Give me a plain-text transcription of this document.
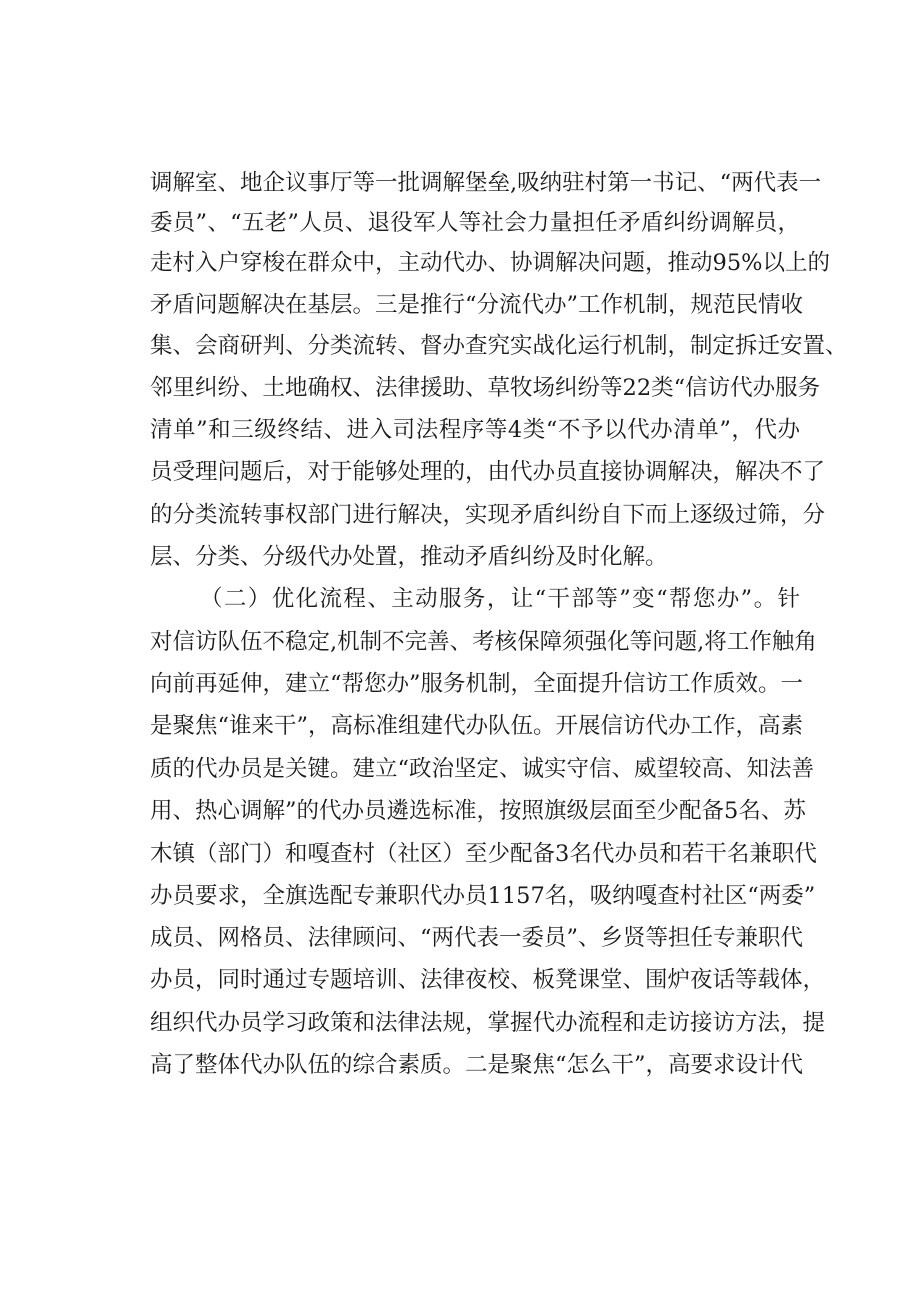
调解室、地企议事厅等一批调解堡垒,吸纳驻村第一书记、“两代表一
委员”、“五老”人员、退役军人等社会力量担任矛盾纠纷调解员，
走村入户穿梭在群众中，主动代办、协调解决问题，推动95%以上的
矛盾问题解决在基层。三是推行“分流代办”工作机制，规范民情收
集、会商研判、分类流转、督办查究实战化运行机制，制定拆迁安置、
邻里纠纷、土地确权、法律援助、草牧场纠纷等22类“信访代办服务
清单”和三级终结、进入司法程序等4类“不予以代办清单”，代办
员受理问题后，对于能够处理的，由代办员直接协调解决，解决不了
的分类流转事权部门进行解决，实现矛盾纠纷自下而上逐级过筛，分
层、分类、分级代办处置，推动矛盾纠纷及时化解。
（二）优化流程、主动服务，让“干部等”变“帮您办”。针
对信访队伍不稳定,机制不完善、考核保障须强化等问题,将工作触角
向前再延伸，建立“帮您办”服务机制，全面提升信访工作质效。一
是聚焦“谁来干”，高标准组建代办队伍。开展信访代办工作，高素
质的代办员是关键。建立“政治坚定、诚实守信、威望较高、知法善
用、热心调解”的代办员遴选标准，按照旗级层面至少配备5名、苏
木镇（部门）和嘎查村（社区）至少配备3名代办员和若干名兼职代
办员要求，全旗选配专兼职代办员1157名，吸纳嘎查村社区“两委”
成员、网格员、法律顾问、“两代表一委员”、乡贤等担任专兼职代
办员，同时通过专题培训、法律夜校、板凳课堂、围炉夜话等载体，
组织代办员学习政策和法律法规，掌握代办流程和走访接访方法，提
高了整体代办队伍的综合素质。二是聚焦“怎么干”，高要求设计代
